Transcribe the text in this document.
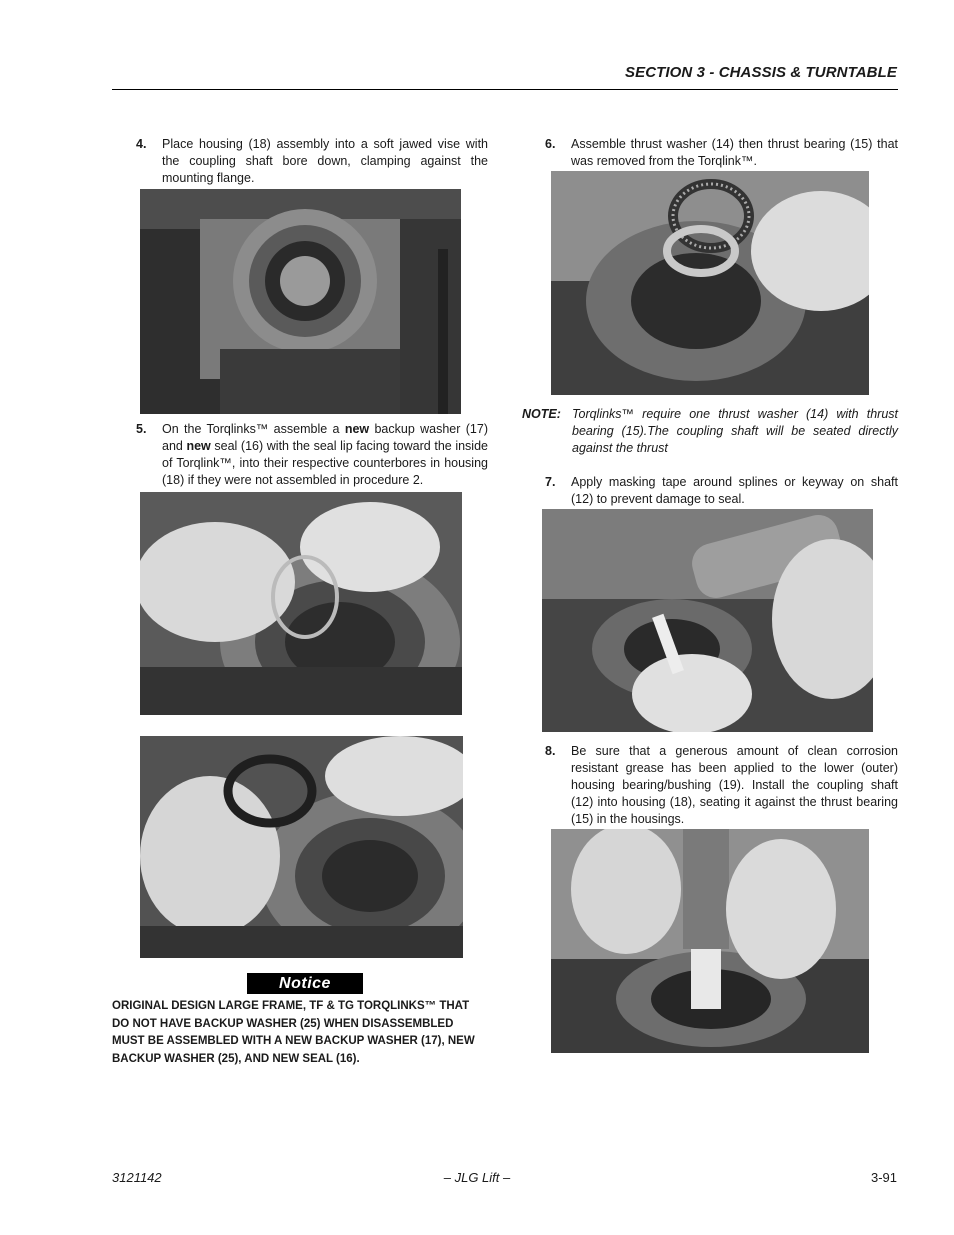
SECTION 3 - CHASSIS & TURNTABLE
4. Place housing (18) assembly into a soft jawed vise with the coupling shaft bore down, clamping against the mounting flange.

5. On the Torqlinks™ assemble a new backup washer (17) and new seal (16) with the seal lip facing toward the inside of Torqlink™, into their respective counterbores in housing (18) if they were not assembled in procedure 2.

Notice
ORIGINAL DESIGN LARGE FRAME, TF & TG TORQLINKS™ THAT DO NOT HAVE BACKUP WASHER (25) WHEN DISASSEMBLED MUST BE ASSEMBLED WITH A NEW BACKUP WASHER (17), NEW BACKUP WASHER (25), AND NEW SEAL (16).
6. Assemble thrust washer (14) then thrust bearing (15) that was removed from the Torqlink™.

NOTE: Torqlinks™ require one thrust washer (14) with thrust bearing (15).The coupling shaft will be seated directly against the thrust

7. Apply masking tape around splines or keyway on shaft (12) to prevent damage to seal.

8. Be sure that a generous amount of clean corrosion resistant grease has been applied to the lower (outer) housing bearing/bushing (19). Install the coupling shaft (12) into housing (18), seating it against the thrust bearing (15) in the housings.

3121142	– JLG Lift –	3-91
